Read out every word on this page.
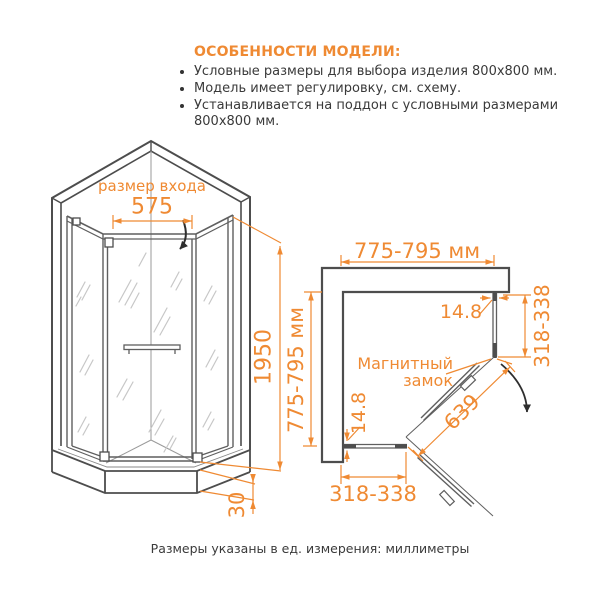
ОСОБЕННОСТИ МОДЕЛИ:
Условные размеры для выбора изделия 800x800 мм.
Модель имеет регулировку, см. схему.
Устанавливается на поддон с условными размерами 800x800 мм.
размер входа
575
1950
30
775-795 мм
775-795 мм	318-338
14.8
14.8	639
318-338
Магнитный замок
Размеры указаны в ед. измерения: миллиметры
